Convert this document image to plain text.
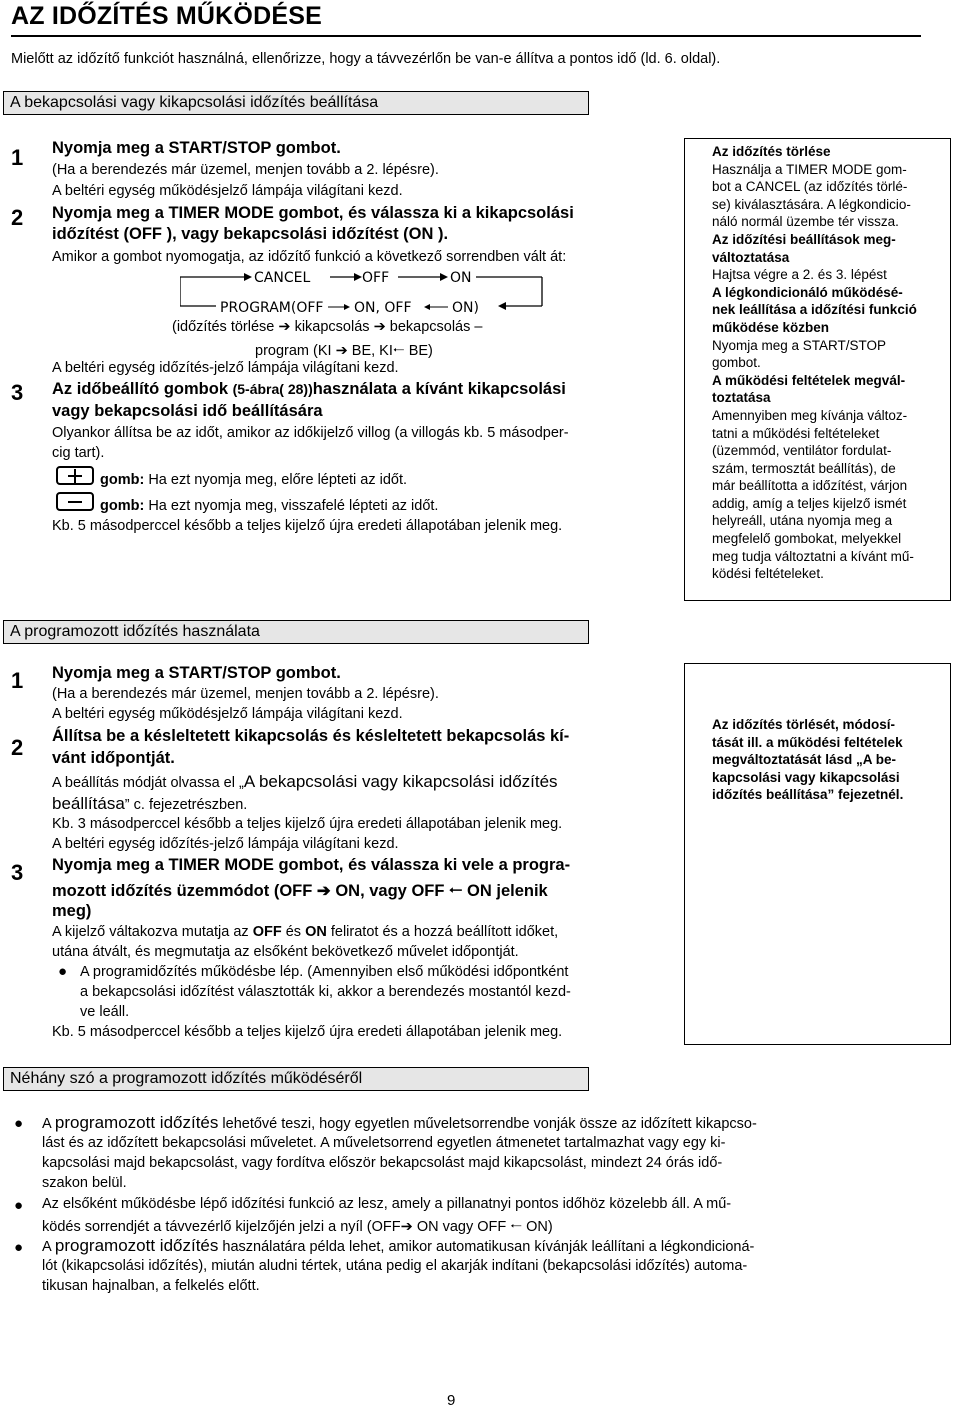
AZ IDŐZÍTÉS MŰKÖDÉSE
Mielőtt az időzítő funkciót használná, ellenőrizze, hogy a távvezérlőn be van-e állítva a pontos idő (ld. 6. oldal).
A bekapcsolási vagy kikapcsolási időzítés beállítása
1
2
3
Nyomja meg a START/STOP gombot.
(Ha a berendezés már üzemel, menjen tovább a 2. lépésre).
A beltéri egység működésjelző lámpája világítani kezd.
Nyomja meg a TIMER MODE gombot, és válassza ki a kikapcsolási
időzítést (OFF ), vagy bekapcsolási időzítést (ON ).
Amikor a gombot nyomogatja, az időzítő funkció a következő sorrendben vált át:
CANCEL	OFF	ON
PROGRAM(OFF ON, OFF	ON)
(időzítés törlése ➔ kikapcsolás ➔ bekapcsolás –
program (KI ➔ BE, KI🠀 BE)
A beltéri egység időzítés-jelző lámpája világítani kezd.
Az időbeállító gombok (5-ábra( 28))használata a kívánt kikapcsolási
vagy bekapcsolási idő beállítására
Olyankor állítsa be az időt, amikor az időkijelző villog (a villogás kb. 5 másodper-
cig tart).
gomb: Ha ezt nyomja meg, előre lépteti az időt.
gomb: Ha ezt nyomja meg, visszafelé lépteti az időt.
Kb. 5 másodperccel később a teljes kijelző újra eredeti állapotában jelenik meg.
Az időzítés törlése
Használja a TIMER MODE gom-
bot a CANCEL (az időzítés törlé-
se) kiválasztására. A légkondicio-
náló normál üzembe tér vissza.
Az időzítési beállítások meg-
változtatása
Hajtsa végre a 2. és 3. lépést
A légkondicionáló működésé-
nek leállítása a időzítési funkció
működése közben
Nyomja meg a START/STOP
gombot.
A működési feltételek megvál-
toztatása
Amennyiben meg kívánja változ-
tatni a működési feltételeket
(üzemmód, ventilátor fordulat-
szám, termosztát beállítás), de
már beállította a időzítést, várjon
addig, amíg a teljes kijelző ismét
helyreáll, utána nyomja meg a
megfelelő gombokat, melyekkel
meg tudja változtatni a kívánt mű-
ködési feltételeket.
A programozott időzítés használata
1
2
3
Nyomja meg a START/STOP gombot.
(Ha a berendezés már üzemel, menjen tovább a 2. lépésre).
A beltéri egység működésjelző lámpája világítani kezd.
Állítsa be a késleltetett kikapcsolás és késleltetett bekapcsolás kí-
vánt időpontját.
A beállítás módját olvassa el „A bekapcsolási vagy kikapcsolási időzítés
beállítása” c. fejezetrészben.
Kb. 3 másodperccel később a teljes kijelző újra eredeti állapotában jelenik meg.
A beltéri egység időzítés-jelző lámpája világítani kezd.
Nyomja meg a TIMER MODE gombot, és válassza ki vele a progra-
mozott időzítés üzemmódot (OFF ➔ ON, vagy OFF 🠀 ON jelenik
meg)
A kijelző váltakozva mutatja az OFF és ON feliratot és a hozzá beállított időket,
utána átvált, és megmutatja az elsőként bekövetkező művelet időpontját.
● A programidőzítés működésbe lép. (Amennyiben első működési időpontként
a bekapcsolási időzítést választották ki, akkor a berendezés mostantól kezd-
ve leáll.
Kb. 5 másodperccel később a teljes kijelző újra eredeti állapotában jelenik meg.
Az időzítés törlését, módosí-
tását ill. a működési feltételek
megváltoztatását lásd „A be-
kapcsolási vagy kikapcsolási
időzítés beállítása” fejezetnél.
Néhány szó a programozott időzítés működéséről
● A programozott időzítés lehetővé teszi, hogy egyetlen műveletsorrendbe vonják össze az időzített kikapcso-
lást és az időzített bekapcsolási műveletet. A műveletsorrend egyetlen átmenetet tartalmazhat vagy egy ki-
kapcsolási majd bekapcsolást, vagy fordítva először bekapcsolást majd kikapcsolást, mindezt 24 órás idő-
szakon belül.
● Az elsőként működésbe lépő időzítési funkció az lesz, amely a pillanatnyi pontos időhöz közelebb áll. A mű-
ködés sorrendjét a távvezérlő kijelzőjén jelzi a nyíl (OFF➔ ON vagy OFF 🠀 ON)
● A programozott időzítés használatára példa lehet, amikor automatikusan kívánják leállítani a légkondicioná-
lót (kikapcsolási időzítés), miután aludni tértek, utána pedig el akarják indítani (bekapcsolási időzítés) automa-
tikusan hajnalban, a felkelés előtt.
9
